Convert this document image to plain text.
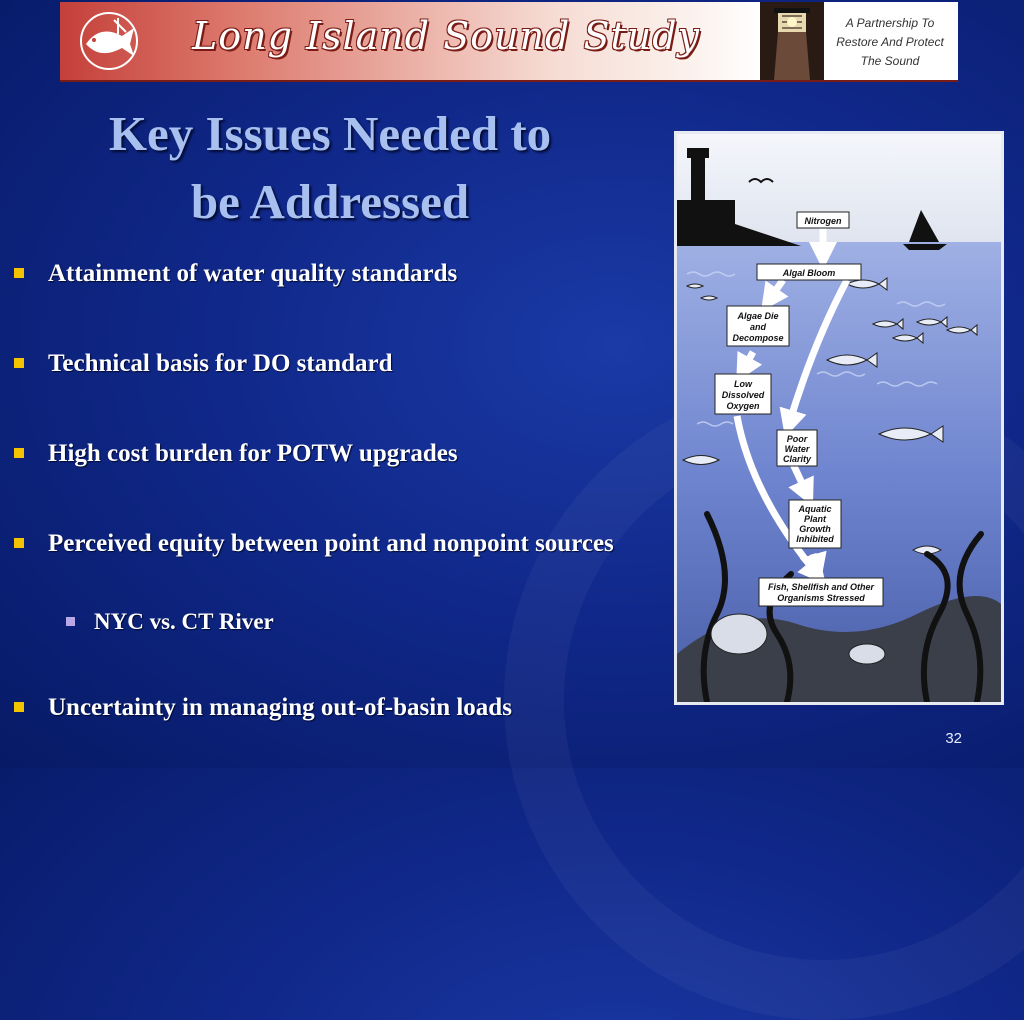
Long Island Sound Study	A Partnership To
Restore And Protect
The Sound
Key Issues Needed to
be Addressed
Attainment of water quality standards
Technical basis for DO standard
High cost burden for POTW upgrades
Perceived equity between point and nonpoint sources
NYC vs. CT River
Uncertainty in managing out-of-basin loads
Nitrogen
Algal Bloom
Algae Die
and
Decompose
Low
Dissolved
Oxygen
Poor
Water
Clarity
Aquatic
Plant
Growth
Inhibited
Fish, Shellfish and Other
Organisms Stressed
32
